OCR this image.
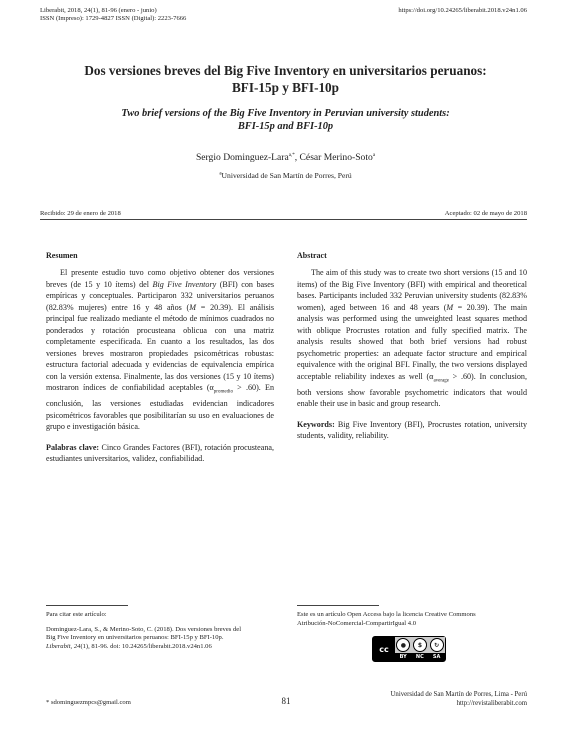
Liberabit, 2018, 24(1), 81-96 (enero - junio)
ISSN (Impreso): 1729-4827 ISSN (Digital): 2223-7666
https://doi.org/10.24265/liberabit.2018.v24n1.06
Dos versiones breves del Big Five Inventory en universitarios peruanos:
BFI-15p y BFI-10p
Two brief versions of the Big Five Inventory in Peruvian university students:
BFI-15p and BFI-10p
Sergio Dominguez-Lara$^{a,*}$, César Merino-Soto$^a$
$^a$Universidad de San Martín de Porres, Perú
Recibido: 29 de enero de 2018	Aceptado: 02 de mayo de 2018
Resumen

El presente estudio tuvo como objetivo obtener dos versiones breves (de 15 y 10 ítems) del Big Five Inventory (BFI) con bases empíricas y conceptuales. Participaron 332 universitarios peruanos (82.83% mujeres) entre 16 y 48 años (M = 20.39). El análisis principal fue realizado mediante el método de mínimos cuadrados no ponderados y rotación procusteana oblicua con una matriz completamente especificada. En cuanto a los resultados, las dos versiones breves mostraron propiedades psicométricas robustas: estructura factorial adecuada y evidencias de equivalencia empírica con la versión extensa. Finalmente, las dos versiones (15 y 10 ítems) mostraron índices de confiabilidad aceptables $(\alpha_{promedio} > .60)$. En conclusión, las versiones estudiadas evidencian indicadores psicométricos favorables que posibilitarían su uso en evaluaciones de grupo e investigación básica.

Palabras clave: Cinco Grandes Factores (BFI), rotación procusteana, estudiantes universitarios, validez, confiabilidad.
Abstract

The aim of this study was to create two short versions (15 and 10 items) of the Big Five Inventory (BFI) with empirical and theoretical bases. Participants included 332 Peruvian university students (82.83% women), aged between 16 and 48 years (M = 20.39). The main analysis was performed using the unweighted least squares method with oblique Procrustes rotation and fully specified matrix. The analysis results showed that both brief versions had robust psychometric properties: an adequate factor structure and empirical equivalence with the original BFI. Finally, the two versions displayed acceptable reliability indexes as well $(\alpha_{average} > .60)$. In conclusion, both versions show favorable psychometric indicators that would enable their use in basic and group research.

Keywords: Big Five Inventory (BFI), Procrustes rotation, university students, validity, reliability.
Para citar este artículo:
Dominguez-Lara, S., & Merino-Soto, C. (2018). Dos versiones breves del
Big Five Inventory en universitarios peruanos: BFI-15p y BFI-10p.
Liberabit, 24(1), 81-96. doi: 10.24265/liberabit.2018.v24n1.06
Este es un artículo Open Access bajo la licencia Creative Commons
Atribución-NoComercial-CompartirIgual 4.0
cc	●	$	↻
BY NC SA
* sdominguezmpcs@gmail.com	81
Universidad de San Martín de Porres, Lima - Perú
http://revistaliberabit.com
